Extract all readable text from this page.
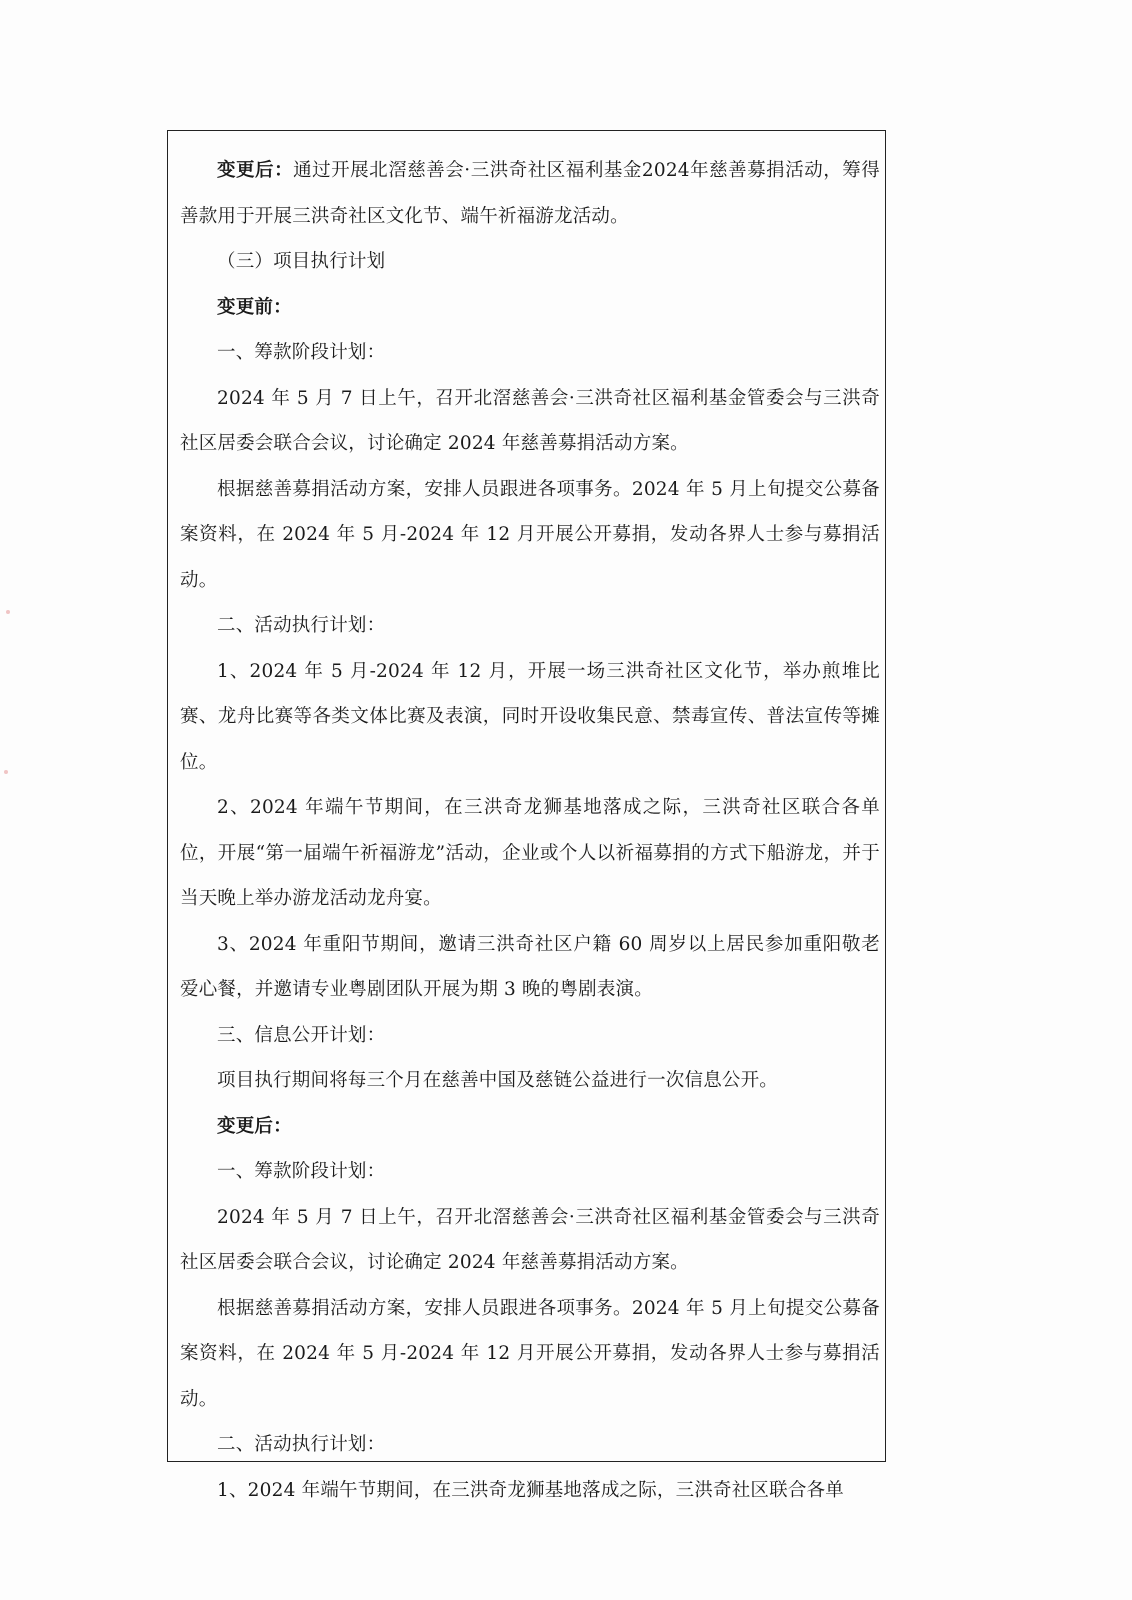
变更后：通过开展北滘慈善会·三洪奇社区福利基金2024年慈善募捐活动，筹得善款用于开展三洪奇社区文化节、端午祈福游龙活动。

（三）项目执行计划

变更前：

一、筹款阶段计划：

2024 年 5 月 7 日上午，召开北滘慈善会·三洪奇社区福利基金管委会与三洪奇社区居委会联合会议，讨论确定 2024 年慈善募捐活动方案。

根据慈善募捐活动方案，安排人员跟进各项事务。2024 年 5 月上旬提交公募备案资料，在 2024 年 5 月-2024 年 12 月开展公开募捐，发动各界人士参与募捐活动。

二、活动执行计划：

1、2024 年 5 月-2024 年 12 月，开展一场三洪奇社区文化节，举办煎堆比赛、龙舟比赛等各类文体比赛及表演，同时开设收集民意、禁毒宣传、普法宣传等摊位。

2、2024 年端午节期间，在三洪奇龙狮基地落成之际，三洪奇社区联合各单位，开展“第一届端午祈福游龙”活动，企业或个人以祈福募捐的方式下船游龙，并于当天晚上举办游龙活动龙舟宴。

3、2024 年重阳节期间，邀请三洪奇社区户籍 60 周岁以上居民参加重阳敬老爱心餐，并邀请专业粤剧团队开展为期 3 晚的粤剧表演。

三、信息公开计划：

项目执行期间将每三个月在慈善中国及慈链公益进行一次信息公开。

变更后：

一、筹款阶段计划：

2024 年 5 月 7 日上午，召开北滘慈善会·三洪奇社区福利基金管委会与三洪奇社区居委会联合会议，讨论确定 2024 年慈善募捐活动方案。

根据慈善募捐活动方案，安排人员跟进各项事务。2024 年 5 月上旬提交公募备案资料，在 2024 年 5 月-2024 年 12 月开展公开募捐，发动各界人士参与募捐活动。

二、活动执行计划：

1、2024 年端午节期间，在三洪奇龙狮基地落成之际，三洪奇社区联合各单
